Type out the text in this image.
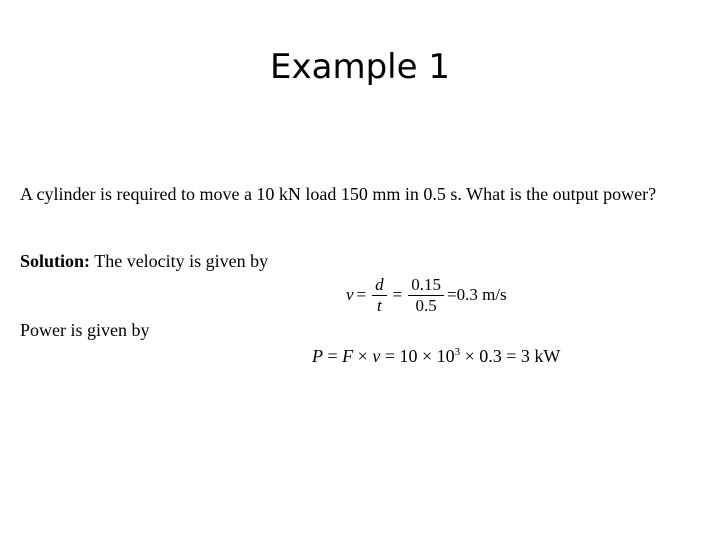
Example 1
A cylinder is required to move a 10 kN load 150 mm in 0.5 s. What is the output power?
Solution: The velocity is given by
$v = \frac{d}{t} = \frac{0.15}{0.5} =0.3$ m/s
Power is given by
$P = F \times v = 10 \times 10^3 \times 0.3 = 3$ kW
